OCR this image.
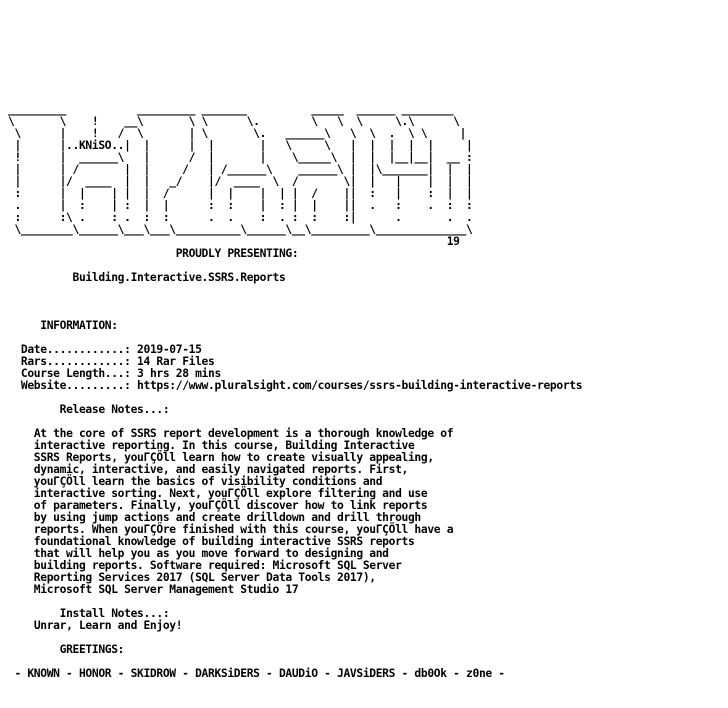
_________           _________ _______          _____  ______ ________
\       \    !    __\       \ \      \.        \   \  \     \.\      \
\      |    !   /  \       | \       \.   ______\   \  \  .  \ \     |
|      |..KNiSO..|  |      |  |       |   \     \   |  |  |  |  |     |
!      |  ______\   |      /  |       |    \_____\  |  |  |__|__|  __ :
|      | /       |  |     /   | /______\    ______\ |  |\_______|  |  |
|      |/  ____  |  |   _/    |/  ____  \  /       \|  |   |    |  |  |
:      |  |    | |  |  /      |  |    |  | |  /    ||  :   |    :  |  |
.      |  :    | :  |  |      :  :    |  : |  |    ||  .   :    .  :  :
:      :\ .    : .  :  :      .  .    :  . :  :    :|      .       .  .
\________\______\___\___\__________\______\__\_________\______________\
19
PROUDLY PRESENTING:

Building.Interactive.SSRS.Reports

INFORMATION:

Date............: 2019-07-15
Rars............: 14 Rar Files
Course Length...: 3 hrs 28 mins
Website.........: https://www.pluralsight.com/courses/ssrs-building-interactive-reports

Release Notes...:

At the core of SSRS report development is a thorough knowledge of
interactive reporting. In this course, Building Interactive
SSRS Reports, youΓÇÖll learn how to create visually appealing,
dynamic, interactive, and easily navigated reports. First,
youΓÇÖll learn the basics of visibility conditions and
interactive sorting. Next, youΓÇÖll explore filtering and use
of parameters. Finally, youΓÇÖll discover how to link reports
by using jump actions and create drilldown and drill through
reports. When youΓÇÖre finished with this course, youΓÇÖll have a
foundational knowledge of building interactive SSRS reports
that will help you as you move forward to designing and
building reports. Software required: Microsoft SQL Server
Reporting Services 2017 (SQL Server Data Tools 2017),
Microsoft SQL Server Management Studio 17

Install Notes...:
Unrar, Learn and Enjoy!

GREETINGS:

- KNOWN - HONOR - SKIDROW - DARKSiDERS - DAUDiO - JAVSiDERS - db0Ok - z0ne -
